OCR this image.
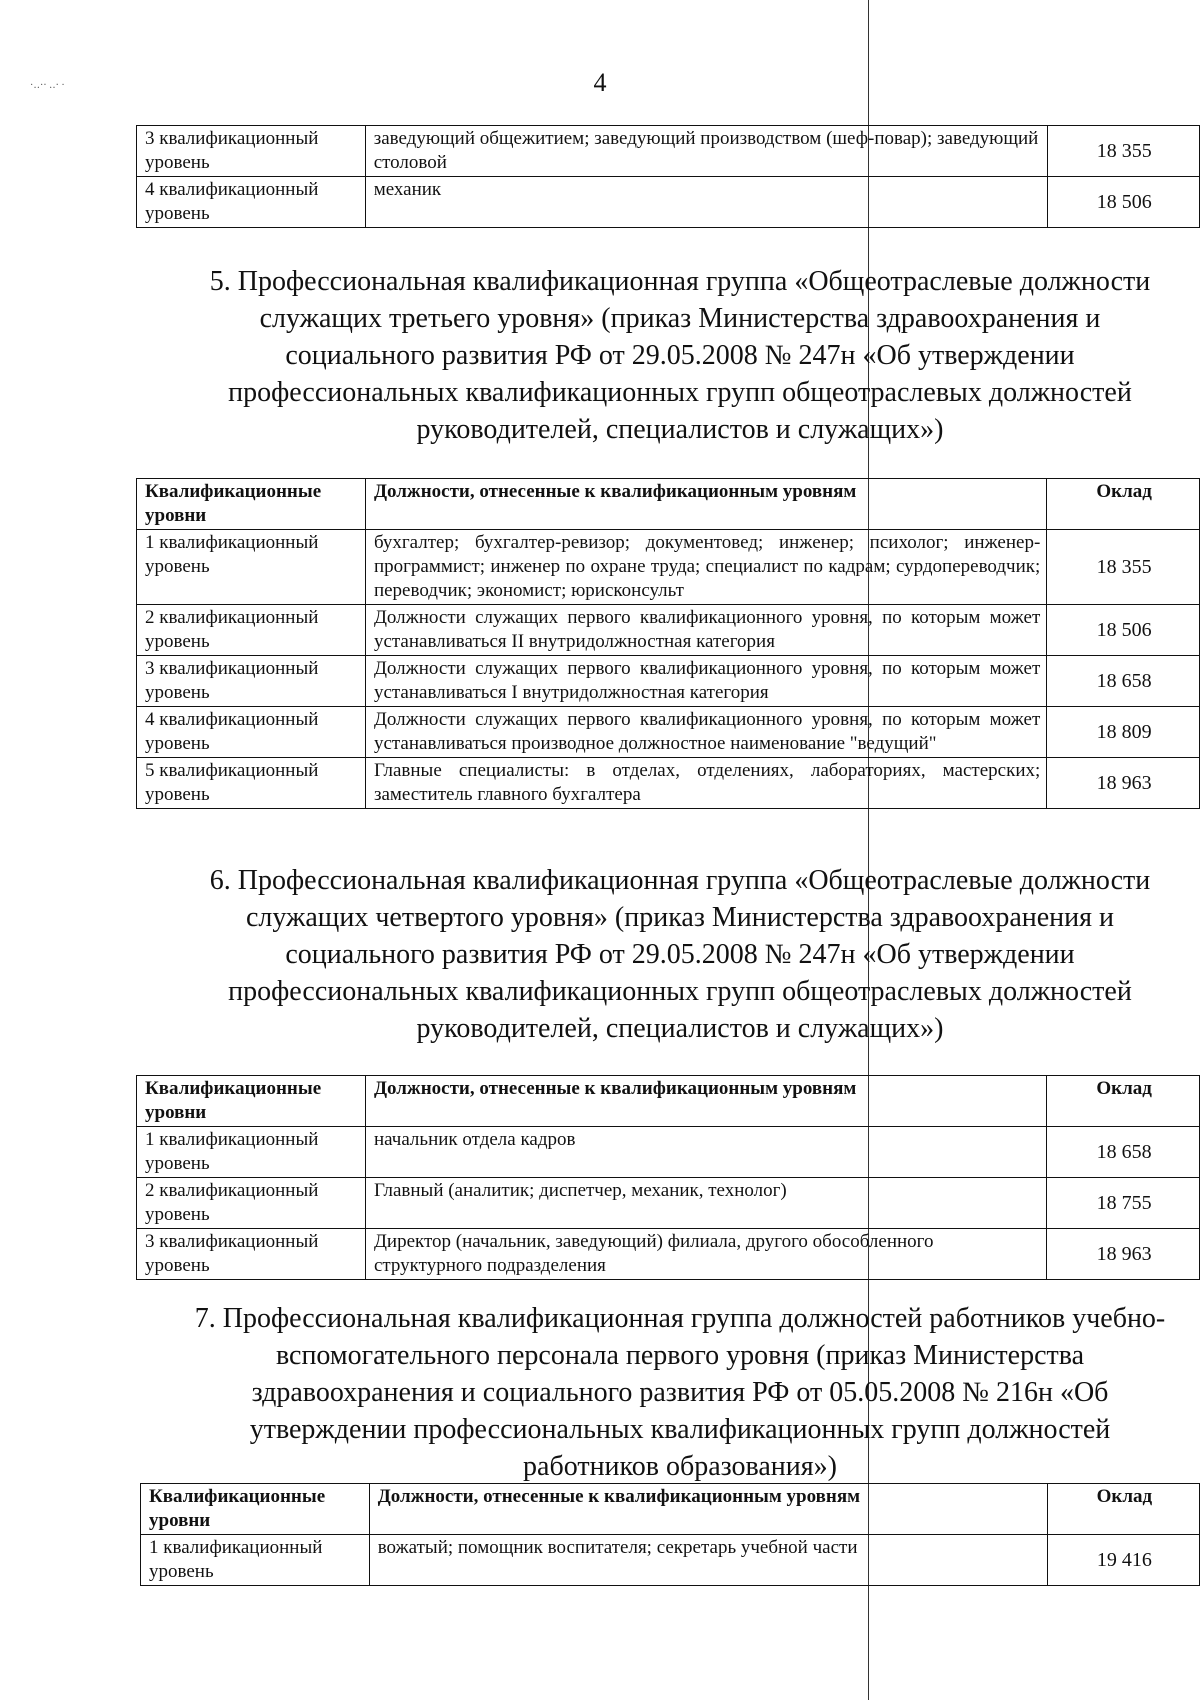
·‥·‧ ‥‧ ·	4
3 квалификационный уровень	заведующий общежитием; заведующий производством (шеф-повар); заведующий столовой	18 355
4 квалификационный уровень	механик	18 506
5. Профессиональная квалификационная группа «Общеотраслевые должности служащих третьего уровня» (приказ Министерства здравоохранения и социального развития РФ от 29.05.2008 № 247н «Об утверждении профессиональных квалификационных групп общеотраслевых должностей руководителей, специалистов и служащих»)
Квалификационные уровни	Должности, отнесенные к квалификационным уровням	Оклад
1 квалификационный уровень	бухгалтер; бухгалтер-ревизор; документовед; инженер; психолог; инженер-программист; инженер по охране труда; специалист по кадрам; сурдопереводчик; переводчик; экономист; юрисконсульт	18 355
2 квалификационный уровень	Должности служащих первого квалификационного уровня, по которым может устанавливаться II внутридолжностная категория	18 506
3 квалификационный уровень	Должности служащих первого квалификационного уровня, по которым может устанавливаться I внутридолжностная категория	18 658
4 квалификационный уровень	Должности служащих первого квалификационного уровня, по которым может устанавливаться производное должностное наименование "ведущий"	18 809
5 квалификационный уровень	Главные специалисты: в отделах, отделениях, лабораториях, мастерских; заместитель главного бухгалтера	18 963
6. Профессиональная квалификационная группа «Общеотраслевые должности служащих четвертого уровня» (приказ Министерства здравоохранения и социального развития РФ от 29.05.2008 № 247н «Об утверждении профессиональных квалификационных групп общеотраслевых должностей руководителей, специалистов и служащих»)
Квалификационные уровни	Должности, отнесенные к квалификационным уровням	Оклад
1 квалификационный уровень	начальник отдела кадров	18 658
2 квалификационный уровень	Главный (аналитик; диспетчер, механик, технолог)	18 755
3 квалификационный уровень	Директор (начальник, заведующий) филиала, другого обособленного структурного подразделения	18 963
7. Профессиональная квалификационная группа должностей работников учебно-вспомогательного персонала первого уровня (приказ Министерства здравоохранения и социального развития РФ от 05.05.2008 № 216н «Об утверждении профессиональных квалификационных групп должностей работников образования»)
Квалификационные уровни	Должности, отнесенные к квалификационным уровням	Оклад
1 квалификационный уровень	вожатый; помощник воспитателя; секретарь учебной части	19 416
